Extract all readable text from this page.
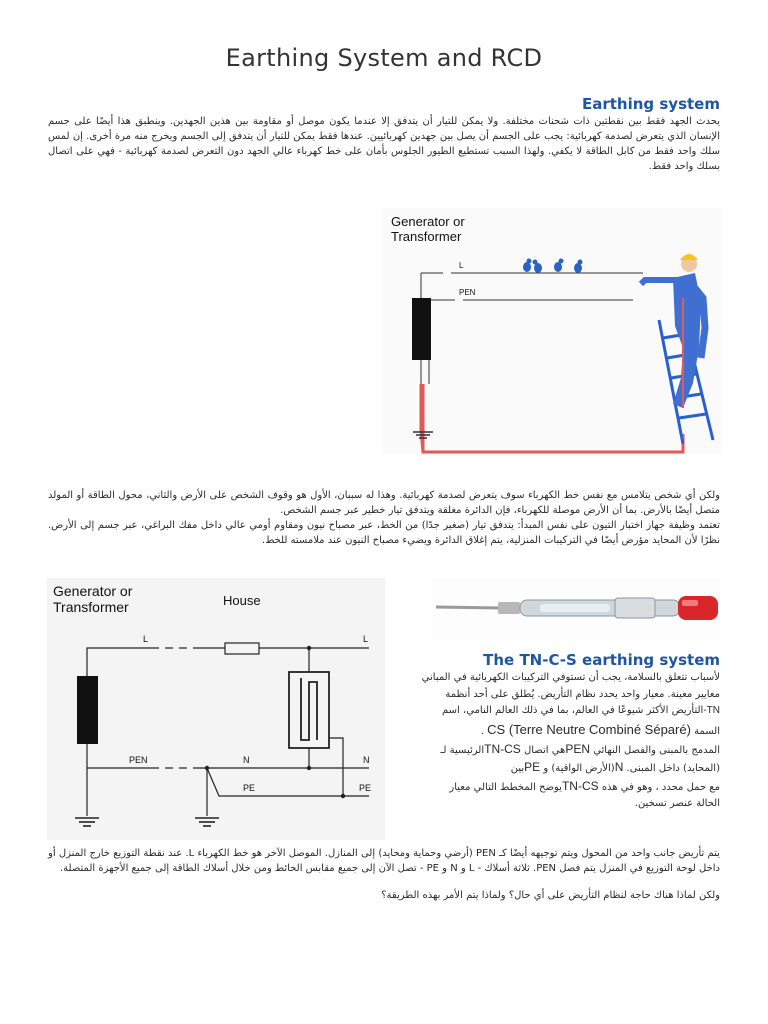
Earthing System and RCD
Earthing system

يحدث الجهد فقط بين نقطتين ذات شحنات مختلفة. ولا يمكن للتيار أن يتدفق إلا عندما يكون موصل أو مقاومة بين هذين الجهدين. وينطبق هذا أيضًا على جسم الإنسان الذي يتعرض لصدمة كهربائية: يجب على الجسم أن يصل بين جهدين كهربائيين. عندها فقط يمكن للتيار أن يتدفق إلى الجسم ويخرج منه مرة أخرى. إن لمس سلك واحد فقط من كابل الطاقة لا يكفي. ولهذا السبب تستطيع الطيور الجلوس بأمان على خط كهرباء عالي الجهد دون التعرض لصدمة كهربائية - فهي على اتصال بسلك واحد فقط.

Generator or
Transformer
L
PEN

ولكن أي شخص يتلامس مع نفس خط الكهرباء سوف يتعرض لصدمة كهربائية. وهذا له سببان، الأول هو وقوف الشخص على الأرض والثاني، محول الطاقة أو المولد متصل أيضًا بالأرض. بما أن الأرض موصلة للكهرباء، فإن الدائرة مغلقة ويتدفق تيار خطير عبر جسم الشخص.

تعتمد وظيفة جهاز اختبار التيون على نفس المبدأ: يتدفق تيار (صغير جدًا) من الخط، عبر مصباح نيون ومقاوم أومي عالي داخل مفك البراغي، عبر جسم إلى الأرض. نظرًا لأن المحايد مؤرض أيضًا في التركيبات المنزلية، يتم إغلاق الدائرة ويضيء مصباح النيون عند ملامسته للخط.

Generator or
Transformer	House
L	L
PEN	N	N
PE	PE
The TN-C-S earthing system

لأسباب تتعلق بالسلامة، يجب أن تستوفي التركيبات الكهربائية في المباني

معايير معينة. معيار واحد يحدد نظام التأريض. يُطلق على أحد أنظمة

-TNالتأريض الأكثر شيوعًا في العالم، بما في ذلك العالم النامي، اسم

السمة CS (Terre Neutre Combiné Séparé) .

المدمج بالمبنى والفصل النهائي PENهي اتصال TN-CSالرئيسية لـ

(المحايد) داخل المبنى. N(الأرض الواقية) و PEبين

مع حمل محدد ، وهو في هذه TN-CSيوضح المخطط التالي معيار

الحالة عنصر تسخين.

يتم تأريض جانب واحد من المحول ويتم توجيهه أيضًا كـ PEN (أرضي وحماية ومحايد) إلى المنازل. الموصل الآخر هو خط الكهرباء L. عند نقطة التوزيع خارج المنزل أو داخل لوحة التوزيع في المنزل يتم فصل PEN. ثلاثة أسلاك - L و N و PE - تصل الآن إلى جميع مقابس الحائط ومن خلال أسلاك الطاقة إلى جميع الأجهزة المتصلة.

ولكن لماذا هناك حاجة لنظام التأريض على أي حال؟ ولماذا يتم الأمر بهذه الطريقة؟
